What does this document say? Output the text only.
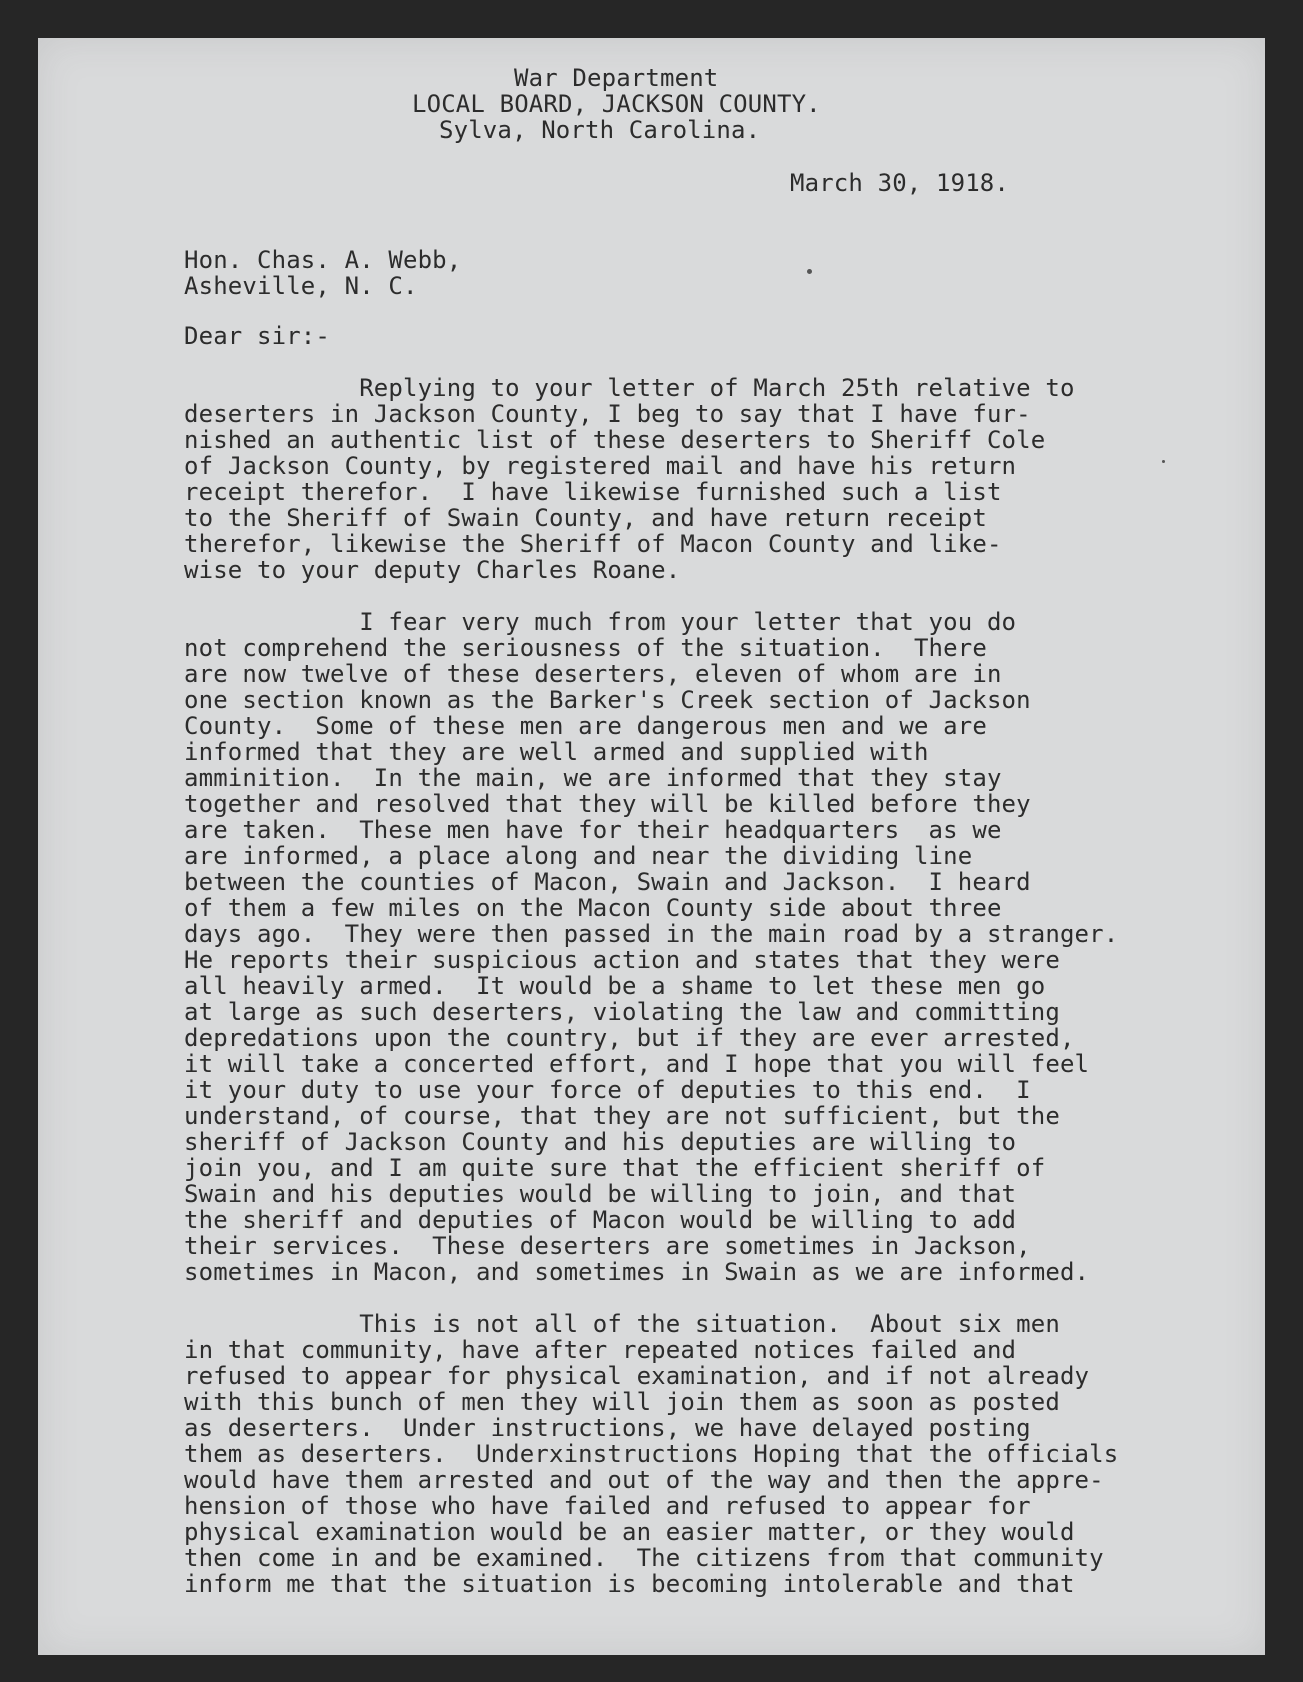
War Department
LOCAL BOARD, JACKSON COUNTY.
Sylva, North Carolina.
March 30, 1918.
Hon. Chas. A. Webb,
Asheville, N. C.
Dear sir:-
Replying to your letter of March 25th relative to
deserters in Jackson County, I beg to say that I have fur-
nished an authentic list of these deserters to Sheriff Cole
of Jackson County, by registered mail and have his return
receipt therefor.  I have likewise furnished such a list
to the Sheriff of Swain County, and have return receipt
therefor, likewise the Sheriff of Macon County and like-
wise to your deputy Charles Roane.
I fear very much from your letter that you do
not comprehend the seriousness of the situation.  There
are now twelve of these deserters, eleven of whom are in
one section known as the Barker's Creek section of Jackson
County.  Some of these men are dangerous men and we are
informed that they are well armed and supplied with
amminition.  In the main, we are informed that they stay
together and resolved that they will be killed before they
are taken.  These men have for their headquarters  as we
are informed, a place along and near the dividing line
between the counties of Macon, Swain and Jackson.  I heard
of them a few miles on the Macon County side about three
days ago.  They were then passed in the main road by a stranger.
He reports their suspicious action and states that they were
all heavily armed.  It would be a shame to let these men go
at large as such deserters, violating the law and committing
depredations upon the country, but if they are ever arrested,
it will take a concerted effort, and I hope that you will feel
it your duty to use your force of deputies to this end.  I
understand, of course, that they are not sufficient, but the
sheriff of Jackson County and his deputies are willing to
join you, and I am quite sure that the efficient sheriff of
Swain and his deputies would be willing to join, and that
the sheriff and deputies of Macon would be willing to add
their services.  These deserters are sometimes in Jackson,
sometimes in Macon, and sometimes in Swain as we are informed.
This is not all of the situation.  About six men
in that community, have after repeated notices failed and
refused to appear for physical examination, and if not already
with this bunch of men they will join them as soon as posted
as deserters.  Under instructions, we have delayed posting
them as deserters.  Underxinstructions Hoping that the officials
would have them arrested and out of the way and then the appre-
hension of those who have failed and refused to appear for
physical examination would be an easier matter, or they would
then come in and be examined.  The citizens from that community
inform me that the situation is becoming intolerable and that
